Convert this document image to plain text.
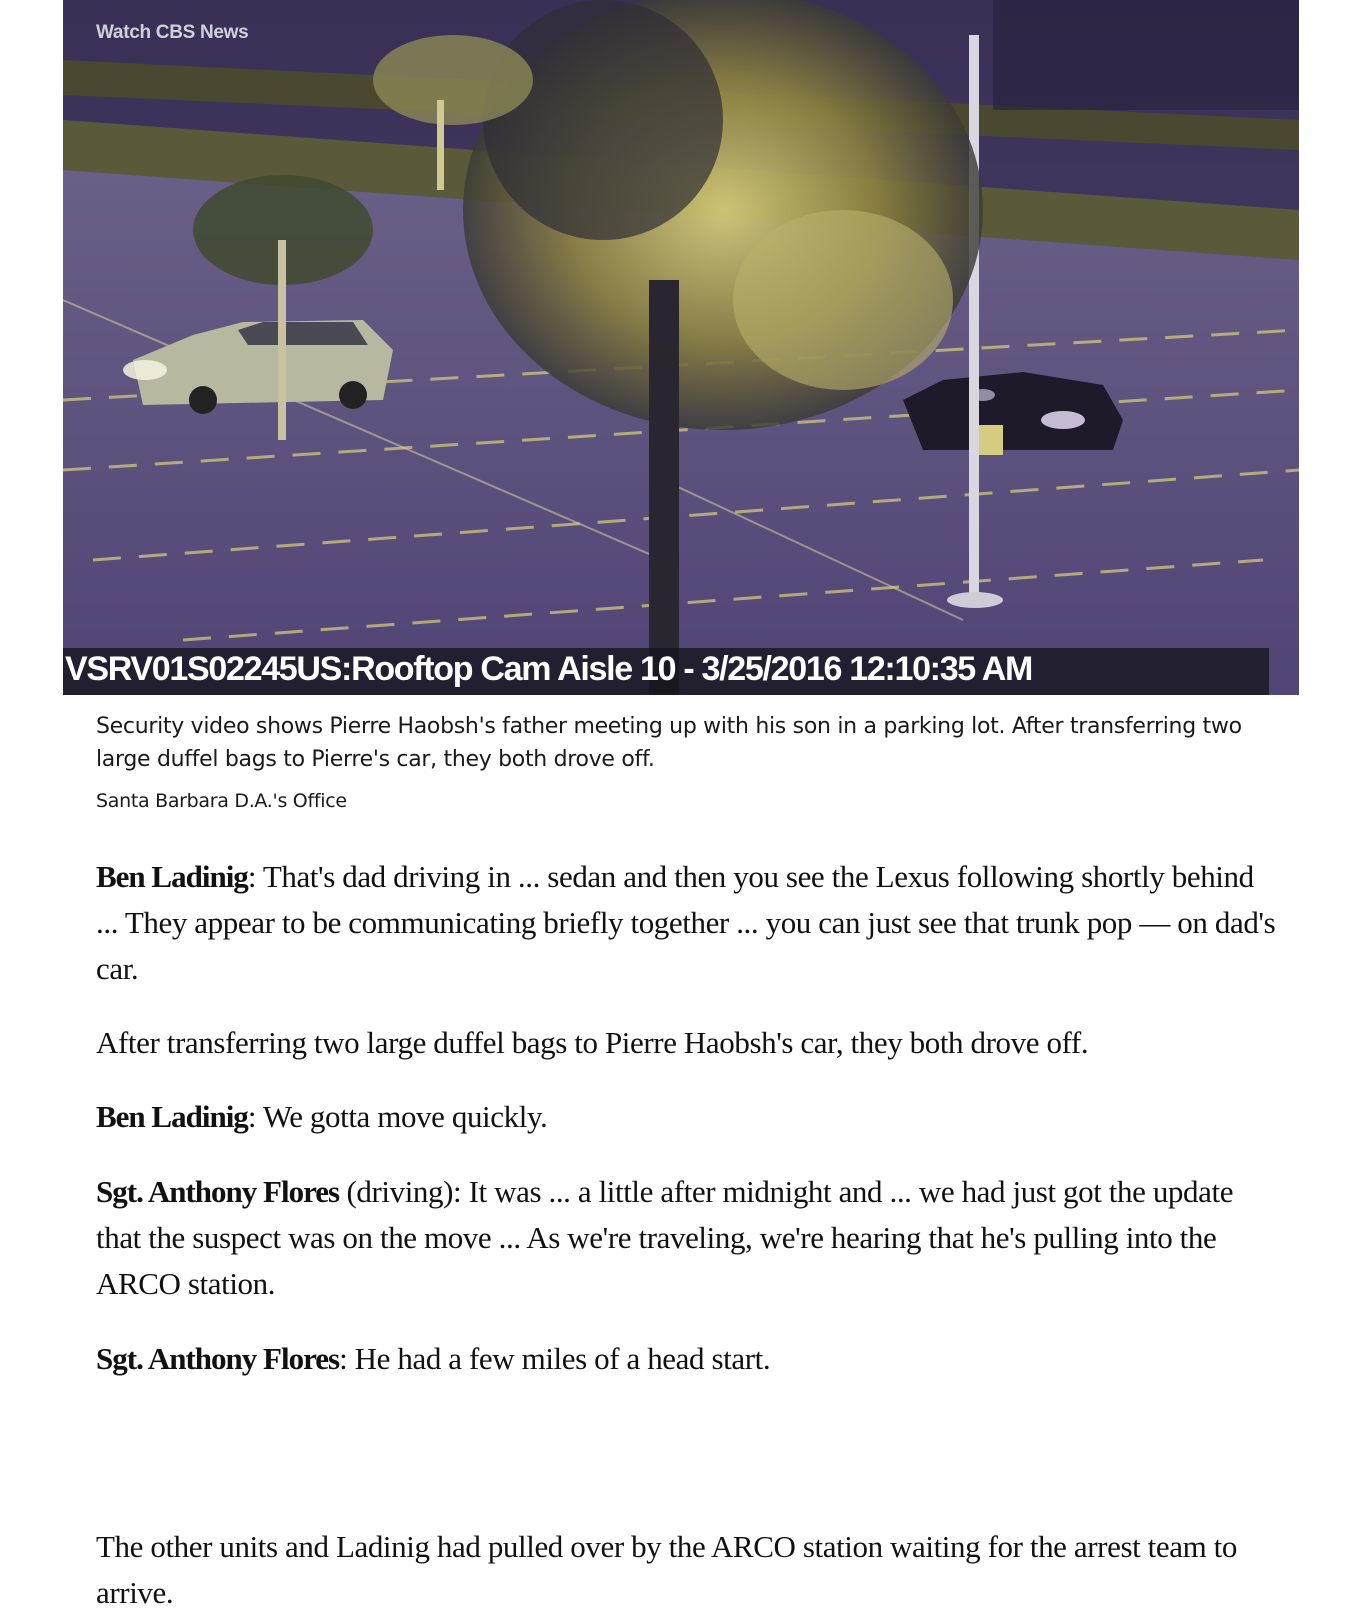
Watch CBS News
VSRV01S02245US:Rooftop Cam Aisle 10 - 3/25/2016 12:10:35 AM
Security video shows Pierre Haobsh's father meeting up with his son in a parking lot. After transferring two large duffel bags to Pierre's car, they both drove off.
Santa Barbara D.A.'s Office

Ben Ladinig: That's dad driving in ... sedan and then you see the Lexus following shortly behind ... They appear to be communicating briefly together ... you can just see that trunk pop — on dad's car.

After transferring two large duffel bags to Pierre Haobsh's car, they both drove off.

Ben Ladinig: We gotta move quickly.

Sgt. Anthony Flores (driving): It was ... a little after midnight and ... we had just got the update that the suspect was on the move ... As we're traveling, we're hearing that he's pulling into the ARCO station.

Sgt. Anthony Flores: He had a few miles of a head start.

The other units and Ladinig had pulled over by the ARCO station waiting for the arrest team to arrive.
